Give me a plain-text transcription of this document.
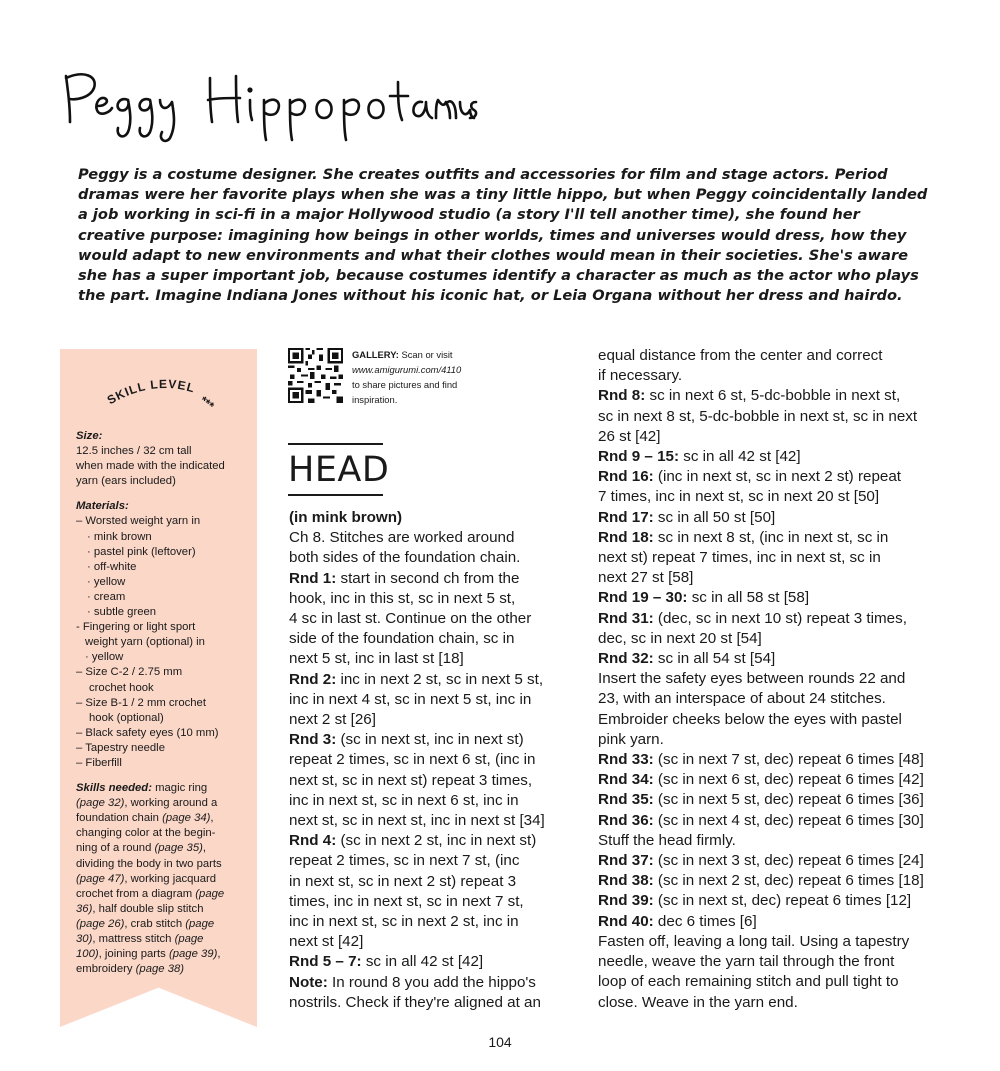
Peggy Hippopotamus
Peggy is a costume designer. She creates outfits and accessories for film and stage actors. Period dramas were her favorite plays when she was a tiny little hippo, but when Peggy coincidentally landed a job working in sci-fi in a major Hollywood studio (a story I'll tell another time), she found her creative purpose: imagining how beings in other worlds, times and universes would dress, how they would adapt to new environments and what their clothes would mean in their societies. She's aware she has a super important job, because costumes identify a character as much as the actor who plays the part. Imagine Indiana Jones without his iconic hat, or Leia Organa without her dress and hairdo.
SKILL LEVEL
***
Size:
12.5 inches / 32 cm tall
when made with the indicated
yarn (ears included)
Materials:
– Worsted weight yarn in
· mink brown
· pastel pink (leftover)
· off-white
· yellow
· cream
· subtle green
- Fingering or light sport
weight yarn (optional) in
· yellow
– Size C-2 / 2.75 mm
crochet hook
– Size B-1 / 2 mm crochet
hook (optional)
– Black safety eyes (10 mm)
– Tapestry needle
– Fiberfill
Skills needed: magic ring
(page 32), working around a
foundation chain (page 34),
changing color at the begin-
ning of a round (page 35),
dividing the body in two parts
(page 47), working jacquard
crochet from a diagram (page
36), half double slip stitch
(page 26), crab stitch (page
30), mattress stitch (page
100), joining parts (page 39),
embroidery (page 38)
GALLERY: Scan or visit
www.amigurumi.com/4110
to share pictures and find
inspiration.
HEAD
(in mink brown)
Ch 8. Stitches are worked around
both sides of the foundation chain.
Rnd 1: start in second ch from the
hook, inc in this st, sc in next 5 st,
4 sc in last st. Continue on the other
side of the foundation chain, sc in
next 5 st, inc in last st [18]
Rnd 2: inc in next 2 st, sc in next 5 st,
inc in next 4 st, sc in next 5 st, inc in
next 2 st [26]
Rnd 3: (sc in next st, inc in next st)
repeat 2 times, sc in next 6 st, (inc in
next st, sc in next st) repeat 3 times,
inc in next st, sc in next 6 st, inc in
next st, sc in next st, inc in next st [34]
Rnd 4: (sc in next 2 st, inc in next st)
repeat 2 times, sc in next 7 st, (inc
in next st, sc in next 2 st) repeat 3
times, inc in next st, sc in next 7 st,
inc in next st, sc in next 2 st, inc in
next st [42]
Rnd 5 – 7: sc in all 42 st [42]
Note: In round 8 you add the hippo's
nostrils. Check if they're aligned at an
equal distance from the center and correct
if necessary.
Rnd 8: sc in next 6 st, 5-dc-bobble in next st,
sc in next 8 st, 5-dc-bobble in next st, sc in next
26 st [42]
Rnd 9 – 15: sc in all 42 st [42]
Rnd 16: (inc in next st, sc in next 2 st) repeat
7 times, inc in next st, sc in next 20 st [50]
Rnd 17: sc in all 50 st [50]
Rnd 18: sc in next 8 st, (inc in next st, sc in
next st) repeat 7 times, inc in next st, sc in
next 27 st [58]
Rnd 19 – 30: sc in all 58 st [58]
Rnd 31: (dec, sc in next 10 st) repeat 3 times,
dec, sc in next 20 st [54]
Rnd 32: sc in all 54 st [54]
Insert the safety eyes between rounds 22 and
23, with an interspace of about 24 stitches.
Embroider cheeks below the eyes with pastel
pink yarn.
Rnd 33: (sc in next 7 st, dec) repeat 6 times [48]
Rnd 34: (sc in next 6 st, dec) repeat 6 times [42]
Rnd 35: (sc in next 5 st, dec) repeat 6 times [36]
Rnd 36: (sc in next 4 st, dec) repeat 6 times [30]
Stuff the head firmly.
Rnd 37: (sc in next 3 st, dec) repeat 6 times [24]
Rnd 38: (sc in next 2 st, dec) repeat 6 times [18]
Rnd 39: (sc in next st, dec) repeat 6 times [12]
Rnd 40: dec 6 times [6]
Fasten off, leaving a long tail. Using a tapestry
needle, weave the yarn tail through the front
loop of each remaining stitch and pull tight to
close. Weave in the yarn end.
104
